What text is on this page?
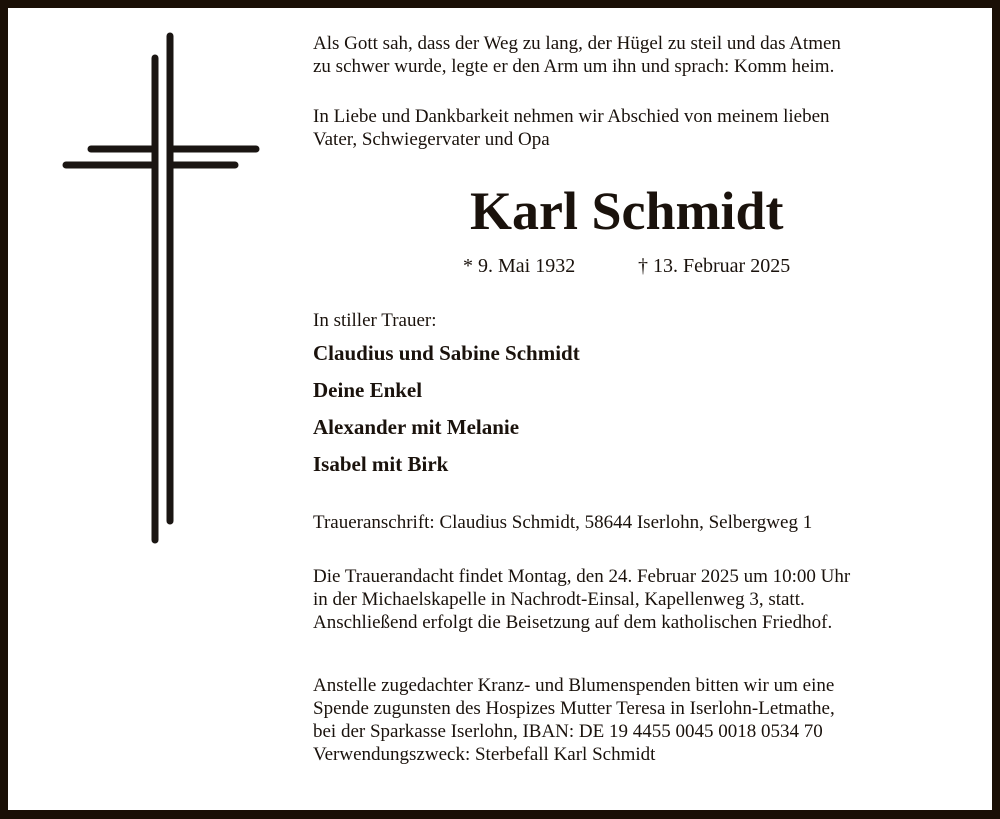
Als Gott sah, dass der Weg zu lang, der Hügel zu steil und das Atmen
zu schwer wurde, legte er den Arm um ihn und sprach: Komm heim.
In Liebe und Dankbarkeit nehmen wir Abschied von meinem lieben
Vater, Schwiegervater und Opa
Karl Schmidt
* 9. Mai 1932	† 13. Februar 2025
In stiller Trauer:
Claudius und Sabine Schmidt
Deine Enkel
Alexander mit Melanie
Isabel mit Birk
Traueranschrift: Claudius Schmidt, 58644 Iserlohn, Selbergweg 1
Die Trauerandacht findet Montag, den 24. Februar 2025 um 10:00 Uhr
in der Michaelskapelle in Nachrodt-Einsal, Kapellenweg 3, statt.
Anschließend erfolgt die Beisetzung auf dem katholischen Friedhof.
Anstelle zugedachter Kranz- und Blumenspenden bitten wir um eine
Spende zugunsten des Hospizes Mutter Teresa in Iserlohn-Letmathe,
bei der Sparkasse Iserlohn, IBAN: DE 19 4455 0045 0018 0534 70
Verwendungszweck: Sterbefall Karl Schmidt
